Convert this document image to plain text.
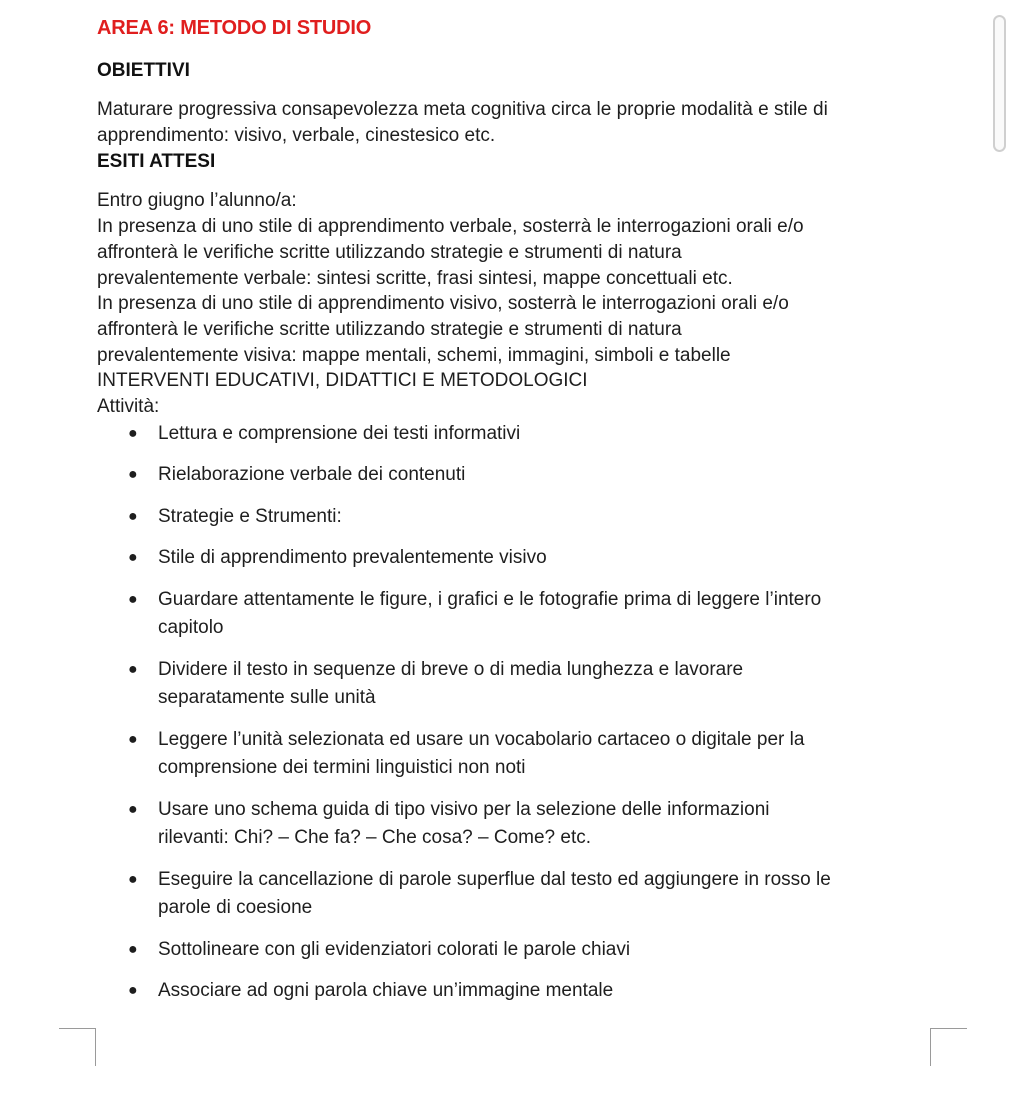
AREA 6: METODO DI STUDIO
OBIETTIVI

Maturare progressiva consapevolezza meta cognitiva circa le proprie modalità e stile di
apprendimento: visivo, verbale, cinestesico etc.

ESITI ATTESI

Entro giugno l’alunno/a:
In presenza di uno stile di apprendimento verbale, sosterrà le interrogazioni orali e/o
affronterà le verifiche scritte utilizzando strategie e strumenti di natura
prevalentemente verbale: sintesi scritte, frasi sintesi, mappe concettuali etc.
In presenza di uno stile di apprendimento visivo, sosterrà le interrogazioni orali e/o
affronterà le verifiche scritte utilizzando strategie e strumenti di natura
prevalentemente visiva: mappe mentali, schemi, immagini, simboli e tabelle
INTERVENTI EDUCATIVI, DIDATTICI E METODOLOGICI
Attività:

● Lettura e comprensione dei testi informativi
● Rielaborazione verbale dei contenuti
● Strategie e Strumenti:
● Stile di apprendimento prevalentemente visivo
● Guardare attentamente le figure, i grafici e le fotografie prima di leggere l’intero
capitolo
● Dividere il testo in sequenze di breve o di media lunghezza e lavorare
separatamente sulle unità
● Leggere l’unità selezionata ed usare un vocabolario cartaceo o digitale per la
comprensione dei termini linguistici non noti
● Usare uno schema guida di tipo visivo per la selezione delle informazioni
rilevanti: Chi? – Che fa? – Che cosa? – Come? etc.
● Eseguire la cancellazione di parole superflue dal testo ed aggiungere in rosso le
parole di coesione
● Sottolineare con gli evidenziatori colorati le parole chiavi
● Associare ad ogni parola chiave un’immagine mentale
